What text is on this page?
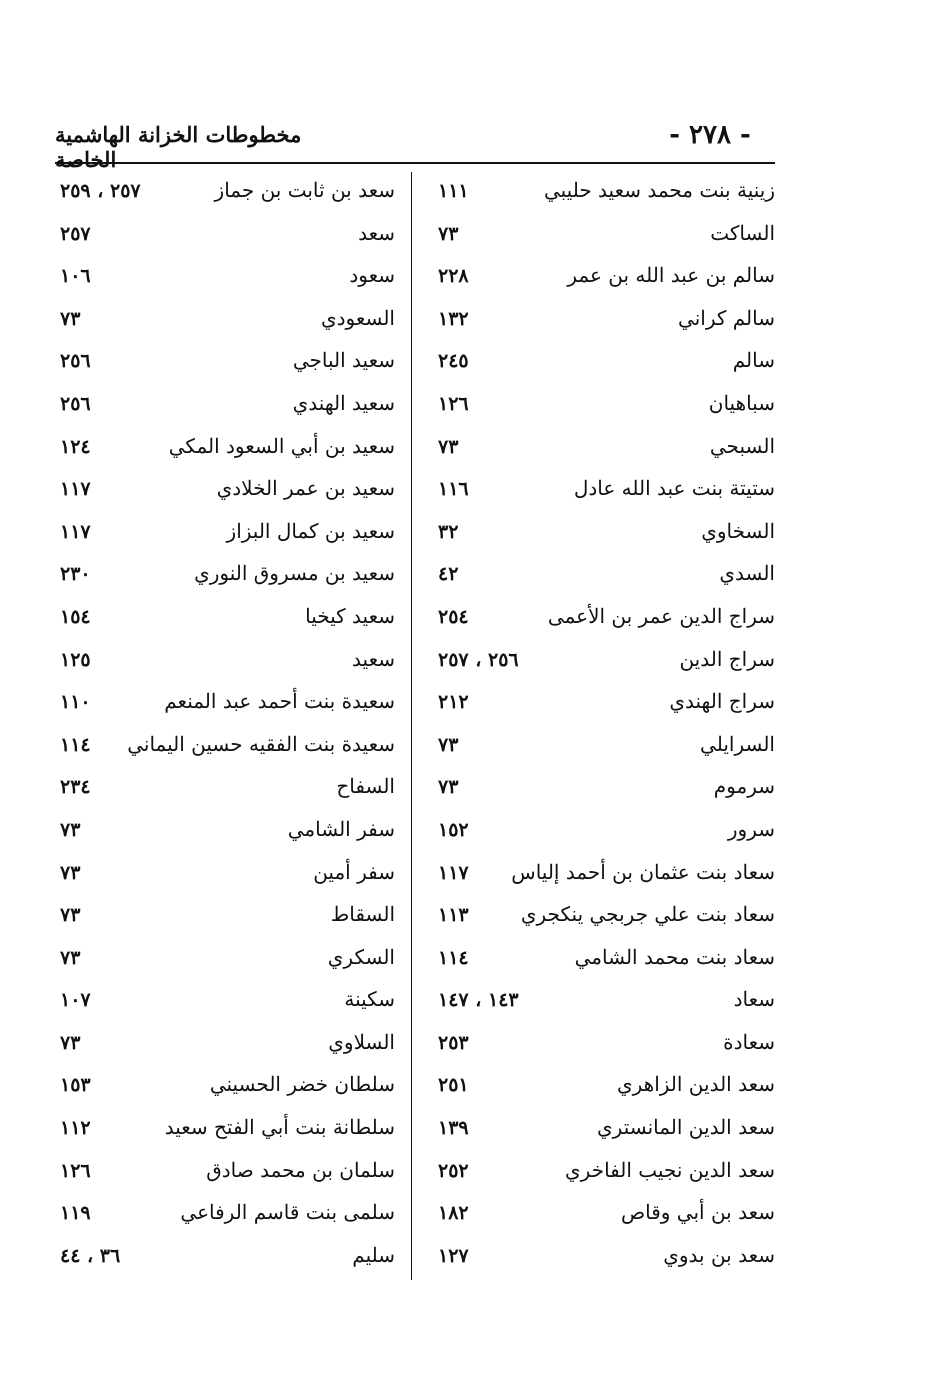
- ٢٧٨ -
مخطوطات الخزانة الهاشمية الخاصة
زينية بنت محمد سعيد حليبي
١١١
الساكت
٧٣
سالم بن عبد الله بن عمر
٢٢٨
سالم كراني
١٣٢
سالم
٢٤٥
سباهيان
١٢٦
السبحي
٧٣
ستيتة بنت عبد الله عادل
١١٦
السخاوي
٣٢
السدي
٤٢
سراج الدين عمر بن الأعمى
٢٥٤
سراج الدين
٢٥٦ ، ٢٥٧
سراج الهندي
٢١٢
السرايلي
٧٣
سرموم
٧٣
سرور
١٥٢
سعاد بنت عثمان بن أحمد إلياس
١١٧
سعاد بنت علي جربجي ينكجري
١١٣
سعاد بنت محمد الشامي
١١٤
سعاد
١٤٣ ، ١٤٧
سعادة
٢٥٣
سعد الدين الزاهري
٢٥١
سعد الدين المانستري
١٣٩
سعد الدين نجيب الفاخري
٢٥٢
سعد بن أبي وقاص
١٨٢
سعد بن بدوي
١٢٧
سعد بن ثابت بن جماز
٢٥٧ ، ٢٥٩
سعد
٢٥٧
سعود
١٠٦
السعودي
٧٣
سعيد الباجي
٢٥٦
سعيد الهندي
٢٥٦
سعيد بن أبي السعود المكي
١٢٤
سعيد بن عمر الخلادي
١١٧
سعيد بن كمال البزاز
١١٧
سعيد بن مسروق النوري
٢٣٠
سعيد كيخيا
١٥٤
سعيد
١٢٥
سعيدة بنت أحمد عبد المنعم
١١٠
سعيدة بنت الفقيه حسين اليماني
١١٤
السفاح
٢٣٤
سفر الشامي
٧٣
سفر أمين
٧٣
السقاط
٧٣
السكري
٧٣
سكينة
١٠٧
السلاوي
٧٣
سلطان خضر الحسيني
١٥٣
سلطانة بنت أبي الفتح سعيد
١١٢
سلمان بن محمد صادق
١٢٦
سلمى بنت قاسم الرفاعي
١١٩
سليم
٣٦ ، ٤٤
